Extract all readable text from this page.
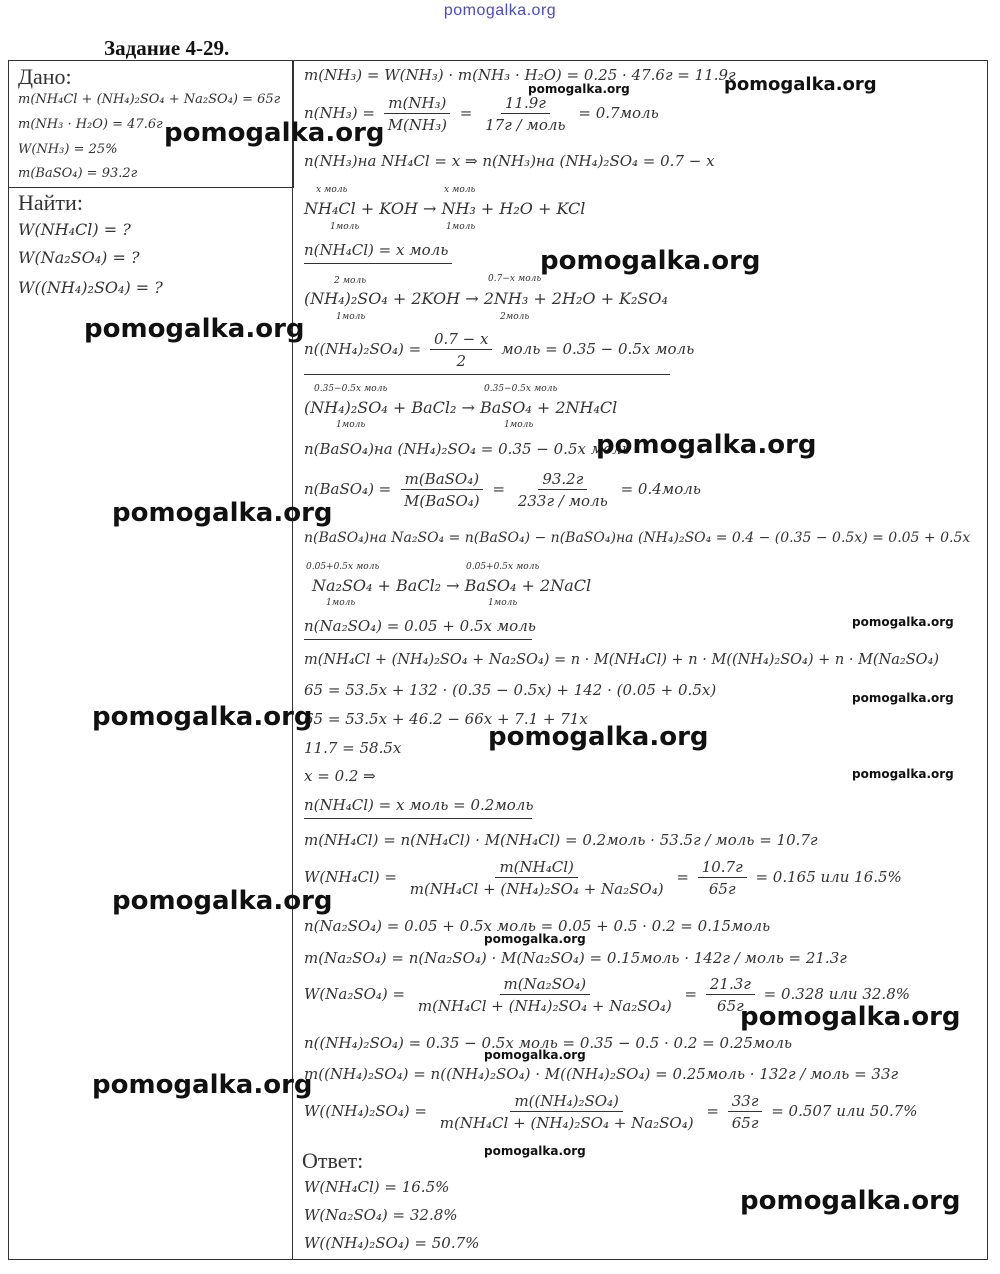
pomogalka.org
Задание 4-29.
Дано:
m(NH₄Cl + (NH₄)₂SO₄ + Na₂SO₄) = 65г
m(NH₃ · H₂O) = 47.6г
W(NH₃) = 25%
m(BaSO₄) = 93.2г
Найти:
W(NH₄Cl) = ?
W(Na₂SO₄) = ?
W((NH₄)₂SO₄) = ?
m(NH₃) = W(NH₃) · m(NH₃ · H₂O) = 0.25 · 47.6г = 11.9г
$n(NH_3) = \frac{\text{m(NH₃)}}{\text{M(NH₃)}} = \frac{11.9г}{\text{17г / моль}}$ = 0.7моль
n(NH₃)на NH₄Cl = x ⇒ n(NH₃)на (NH₄)₂SO₄ = 0.7 − x
x моль	x моль
NH₄Cl + KOH → NH₃ + H₂O + KCl
1моль	1моль
n(NH₄Cl) = x моль
2 моль	0.7−x моль
(NH₄)₂SO₄ + 2KOH → 2NH₃ + 2H₂O + K₂SO₄
1моль	2моль
$n((NH_4)_2SO_4) = \frac{0.7 - x}{2}$ моль = 0.35 − 0.5x моль
0.35−0.5x моль	0.35−0.5x моль
(NH₄)₂SO₄ + BaCl₂ → BaSO₄ + 2NH₄Cl
1моль	1моль
n(BaSO₄)на (NH₄)₂SO₄ = 0.35 − 0.5x моль
n(BaSO₄) = $\frac{\text{m(BaSO₄)}}{\text{M(BaSO₄)}} = \frac{93.2г}{\text{233г / моль}}$ = 0.4моль
n(BaSO₄)на Na₂SO₄ = n(BaSO₄) − n(BaSO₄)на (NH₄)₂SO₄ = 0.4 − (0.35 − 0.5x) = 0.05 + 0.5x
0.05+0.5x моль	0.05+0.5x моль
Na₂SO₄ + BaCl₂ → BaSO₄ + 2NaCl
1моль	1моль
n(Na₂SO₄) = 0.05 + 0.5x моль
m(NH₄Cl + (NH₄)₂SO₄ + Na₂SO₄) = n · M(NH₄Cl) + n · M((NH₄)₂SO₄) + n · M(Na₂SO₄)
65 = 53.5x + 132 · (0.35 − 0.5x) + 142 · (0.05 + 0.5x)
65 = 53.5x + 46.2 − 66x + 7.1 + 71x
11.7 = 58.5x
x = 0.2 ⇒
n(NH₄Cl) = x моль = 0.2моль
m(NH₄Cl) = n(NH₄Cl) · M(NH₄Cl) = 0.2моль · 53.5г / моль = 10.7г
$W(NH_4Cl) = \frac{\text{m(NH₄Cl)}}{\text{m(NH₄Cl + (NH₄)₂SO₄ + Na₂SO₄)}} = \frac{10.7г}{65г} = 0.165$ или 16.5%
n(Na₂SO₄) = 0.05 + 0.5x моль = 0.05 + 0.5 · 0.2 = 0.15моль
m(Na₂SO₄) = n(Na₂SO₄) · M(Na₂SO₄) = 0.15моль · 142г / моль = 21.3г
$W(Na_2SO_4) = \frac{\text{m(Na₂SO₄)}}{\text{m(NH₄Cl + (NH₄)₂SO₄ + Na₂SO₄)}} = \frac{21.3г}{65г} = 0.328$ или 32.8%
n((NH₄)₂SO₄) = 0.35 − 0.5x моль = 0.35 − 0.5 · 0.2 = 0.25моль
m((NH₄)₂SO₄) = n((NH₄)₂SO₄) · M((NH₄)₂SO₄) = 0.25моль · 132г / моль = 33г
$W((NH_4)_2SO_4) = \frac{\text{m((NH₄)₂SO₄)}}{\text{m(NH₄Cl + (NH₄)₂SO₄ + Na₂SO₄)}} = \frac{33г}{65г} = 0.507$ или 50.7%
Ответ:
W(NH₄Cl) = 16.5%
W(Na₂SO₄) = 32.8%
W((NH₄)₂SO₄) = 50.7%
pomogalka.org
pomogalka.org	pomogalka.org
pomogalka.org
pomogalka.org
pomogalka.org
pomogalka.org
pomogalka.org
pomogalka.org
pomogalka.org
pomogalka.org
pomogalka.org
pomogalka.org
pomogalka.org
pomogalka.org
pomogalka.org
pomogalka.org
pomogalka.org
pomogalka.org
